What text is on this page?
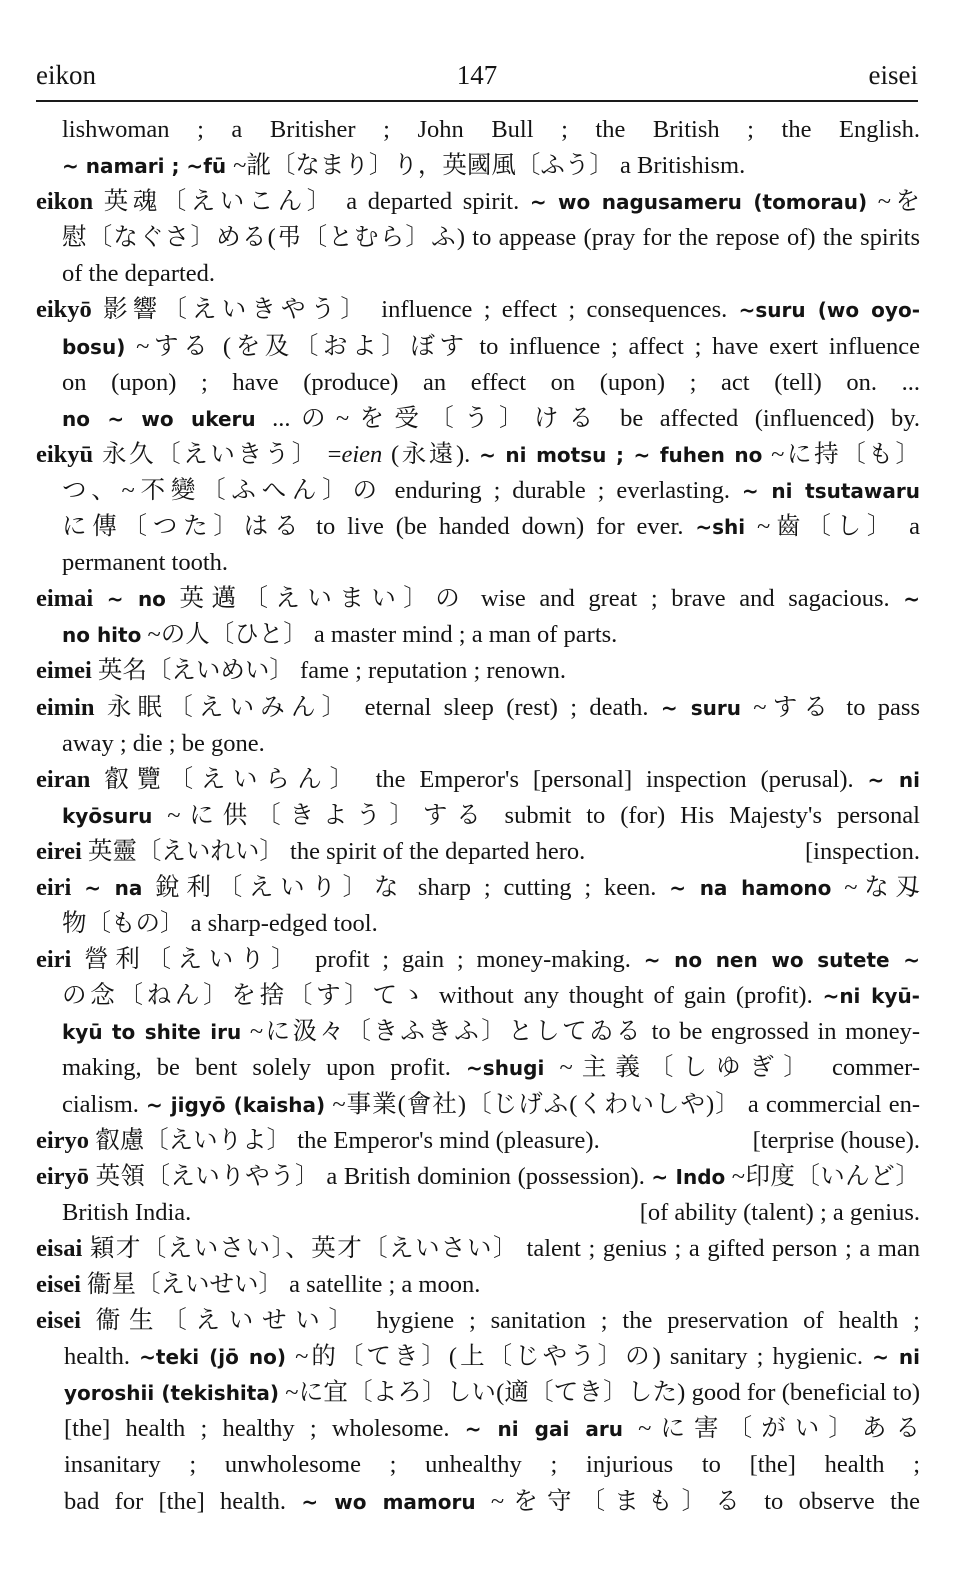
eikon	147	eisei
lishwoman ; a Britisher ; John Bull ; the British ; the English.
~ namari ; ~fū ~訛〔なまり〕り，英國風〔ふう〕 a Britishism.
eikon 英魂〔えいこん〕 a departed spirit. ~ wo nagusameru (tomorau) ~を
慰〔なぐさ〕める(弔〔とむら〕ふ) to appease (pray for the repose of) the spirits
of the departed.
eikyō 影響〔えいきやう〕 influence ; effect ; consequences. ~suru (wo oyo-
bosu) ~する (を及〔およ〕ぼす to influence ; affect ; have exert influence
on (upon) ; have (produce) an effect on (upon) ; act (tell) on. ...
no ~ wo ukeru ...の~を受〔う〕ける be affected (influenced) by.
eikyū 永久〔えいきう〕 =eien (永遠). ~ ni motsu ; ~ fuhen no ~に持〔も〕
つ、~不變〔ふへん〕の enduring ; durable ; everlasting. ~ ni tsutawaru
に傳〔つた〕はる to live (be handed down) for ever. ~shi ~齒〔し〕 a
permanent tooth.
eimai ~ no 英邁〔えいまい〕の wise and great ; brave and sagacious. ~
no hito ~の人〔ひと〕 a master mind ; a man of parts.
eimei 英名〔えいめい〕 fame ; reputation ; renown.
eimin 永眠〔えいみん〕 eternal sleep (rest) ; death. ~ suru ~する to pass
away ; die ; be gone.
eiran 叡覽〔えいらん〕 the Emperor's [personal] inspection (perusal). ~ ni
kyōsuru ~に供〔きよう〕する submit to (for) His Majesty's personal
eirei 英靈〔えいれい〕 the spirit of the departed hero.	[inspection.
eiri ~ na 銳利〔えいり〕な sharp ; cutting ; keen. ~ na hamono ~な刄
物〔もの〕 a sharp-edged tool.
eiri 營利〔えいり〕 profit ; gain ; money-making. ~ no nen wo sutete ~
の念〔ねん〕を捨〔す〕てゝ without any thought of gain (profit). ~ni kyū-
kyū to shite iru ~に汲々〔きふきふ〕としてゐる to be engrossed in money-
making, be bent solely upon profit. ~shugi ~主義〔しゆぎ〕 commer-
cialism. ~ jigyō (kaisha) ~事業(會社)〔じげふ(くわいしや)〕 a commercial en-
eiryo 叡慮〔えいりよ〕 the Emperor's mind (pleasure).	[terprise (house).
eiryō 英領〔えいりやう〕 a British dominion (possession). ~ Indo ~印度〔いんど〕
British India.	[of ability (talent) ; a genius.
eisai 穎才〔えいさい〕、英才〔えいさい〕 talent ; genius ; a gifted person ; a man
eisei 衞星〔えいせい〕 a satellite ; a moon.
eisei 衞生〔えいせい〕 hygiene ; sanitation ; the preservation of health ;
health. ~teki (jō no) ~的〔てき〕(上〔じやう〕の) sanitary ; hygienic. ~ ni
yoroshii (tekishita) ~に宜〔よろ〕しい(適〔てき〕した) good for (beneficial to)
[the] health ; healthy ; wholesome. ~ ni gai aru ~に害〔がい〕ある
insanitary ; unwholesome ; unhealthy ; injurious to [the] health ;
bad for [the] health. ~ wo mamoru ~を守〔まも〕る to observe the
